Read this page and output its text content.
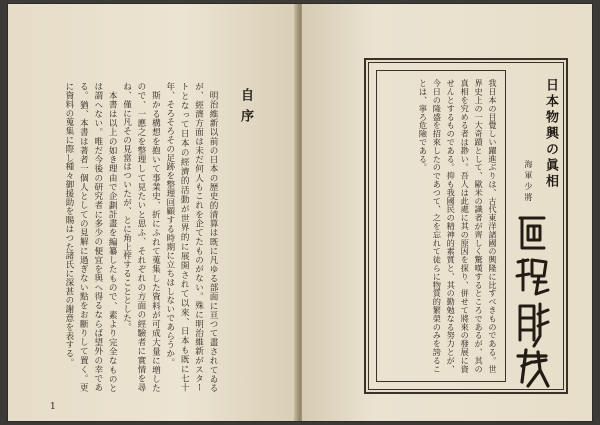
自序

明治維新以前の日本の歴史的清算は既に凡ゆる部面に亘つて畫されてゐるが、經濟方面は未だ何人もこれを企てたものがない。殊に明治維新がスタートとなって日本の經濟的活動が世界的に展開されて以來、日本も既に七十年、そろそろその足跡を整理回顧する時期に立ちはしないであらうか。

斯かる構想を抱いて事業史、折にふれて蒐集した資料が可成大量に増したので、一應之を整理して見たいと思ふ、それぞれの方面の經驗者に實情を尋ね、僅に凡その見當はついたが、とに角上梓することとした。

本書は以上の如き理由で企劃計畫を編纂したもので、素より完全なものとは謂へない。唯だ今後の研究者に多少の便宜を與へ得るならば望外の幸である。猶、本書は著者一個人としての見解に過ぎない點をお斷りして置く。更に資料の蒐集に際し種々御援助を賜はつた諸氏に深甚の謝意を表する。

1
我日本の目覺しい躍進ぶりは、古代東洋諸國の興隆に比すべきものである。世界史上の一大奇蹟として、歐米の識者が齊しく驚嘆するところであるが、其の真相を究める者は尠い。吾人は此處に其の原因を探り、併せて將來の發展に資せんとするものである。抑も我國民の精神的素質と、其の勤勉なる努力とが、今日の隆盛を招來したのであつて、之を忘れて徒らに物質的繁榮のみを誇ることは、寧ろ危險である。	日本物興の眞相
海軍少將
